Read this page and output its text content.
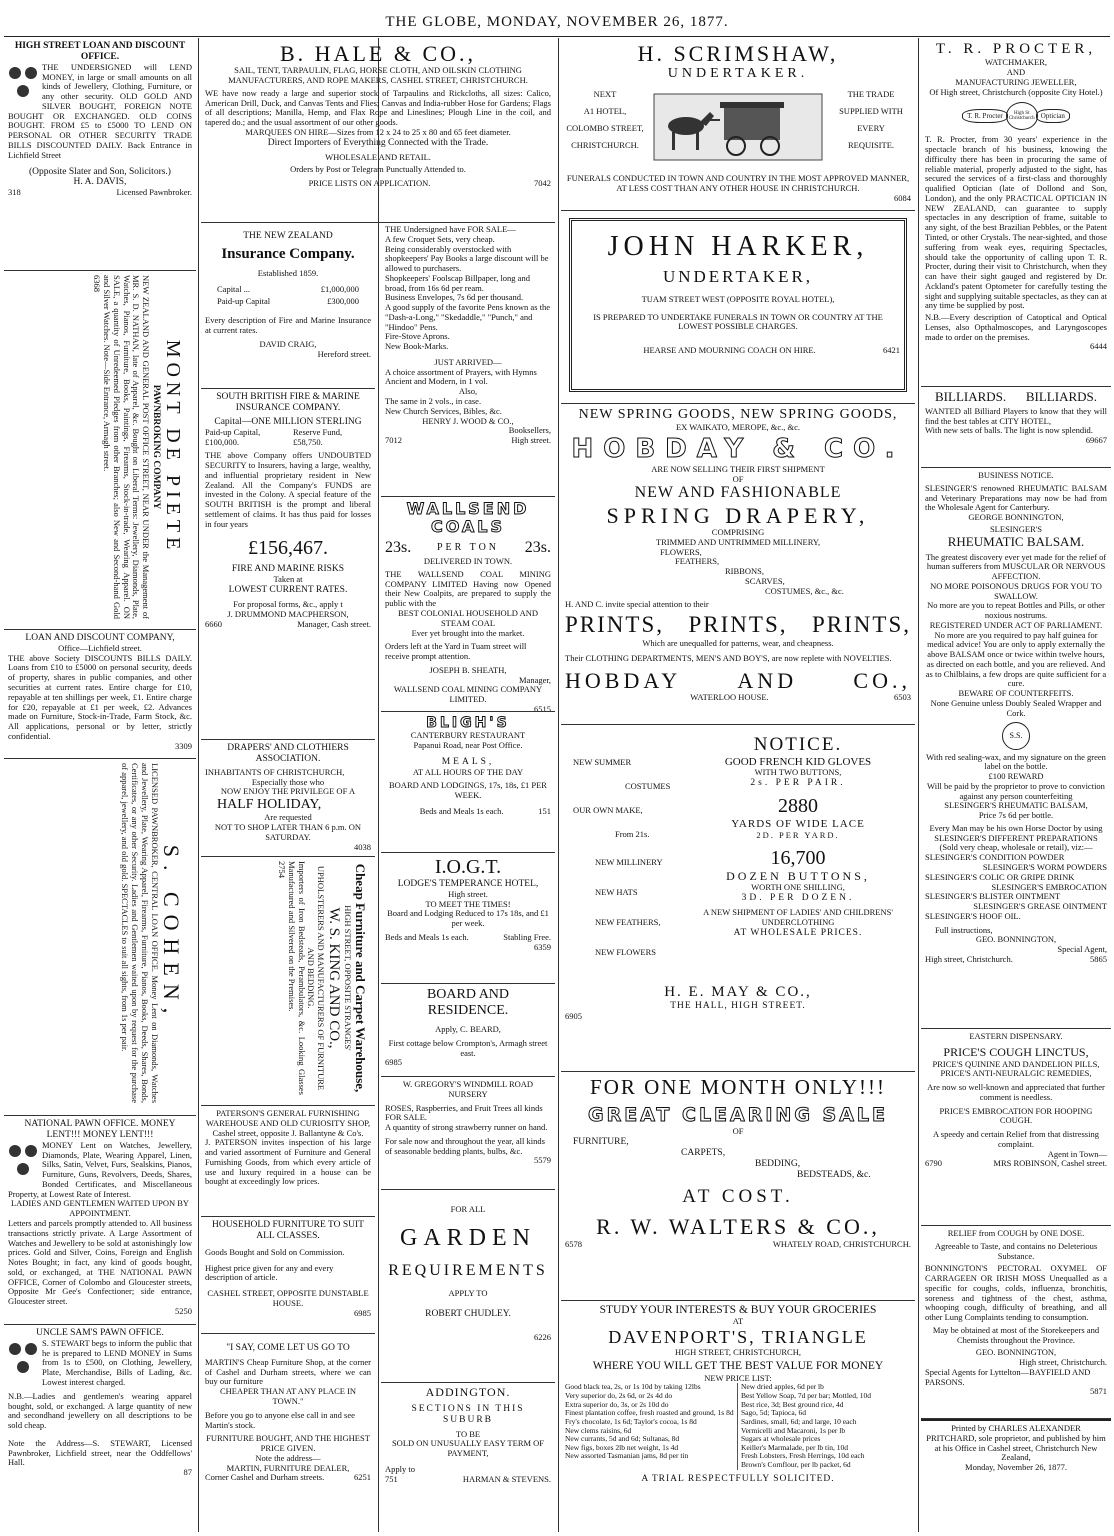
THE GLOBE, MONDAY, NOVEMBER 26, 1877.
HIGH STREET LOAN AND DISCOUNT OFFICE.
THE UNDERSIGNED will LEND MONEY, in large or small amounts on all kinds of Jewellery, Clothing, Furniture, or any other security. OLD GOLD AND SILVER BOUGHT, FOREIGN NOTE BOUGHT OR EXCHANGED. OLD COINS BOUGHT. FROM £5 to £5000 TO LEND ON PERSONAL OR OTHER SECURITY TRADE BILLS DISCOUNTED DAILY. Back Entrance in Lichfield Street
(Opposite Slater and Son, Solicitors.)
H. A. DAVIS,
318	Licensed Pawnbroker.
MONT DE PIETE
PAWNBROKING COMPANY
NEW ZEALAND AND GENERAL POST OFFICE STREET, NEAR UNDER the Management of MR. S. D. NATHAN, late of Apparel, &c. Bought on Liberal Terms: Jewellery, Diamonds, Plate, Watches, Pianos, Furniture, Books, Paintings, Firearms, Stock-in-trade, Wearing Apparel. ON SALE, a quantity of Unredeemed Pledges from other Branches; also New and Second-hand Gold and Silver Watches. Note—Side Entrance, Armagh street.
6368
LOAN AND DISCOUNT COMPANY,
Office—Lichfield street.
THE above Society DISCOUNTS BILLS DAILY. Loans from £10 to £5000 on personal security, deeds of property, shares in public companies, and other securities at current rates. Entire charge for £10, repayable at ten shillings per week, £1. Entire charge for £20, repayable at £1 per week, £2. Advances made on Furniture, Stock-in-Trade, Farm Stock, &c. All applications, personal or by letter, strictly confidential.
3309
S. COHEN,
LICENSED PAWNBROKER, CENTRAL LOAN OFFICE. Money Lent on Diamonds, Watches and Jewellery, Plate, Wearing Apparel, Firearms, Furniture, Pianos, Books, Deeds, Shares, Bonds, Certificates, or any other Security. Ladies and Gentlemen waited upon by request for the purchase of apparel, jewellery, and old gold. SPECTACLES to suit all sights, from 1s per pair.
NATIONAL PAWN OFFICE. MONEY LENT!!! MONEY LENT!!!
MONEY Lent on Watches, Jewellery, Diamonds, Plate, Wearing Apparel, Linen, Silks, Satin, Velvet, Furs, Sealskins, Pianos, Furniture, Guns, Revolvers, Deeds, Shares, Bonded Certificates, and Miscellaneous Property, at Lowest Rate of Interest.
LADIES AND GENTLEMEN WAITED UPON BY APPOINTMENT.
Letters and parcels promptly attended to. All business transactions strictly private. A Large Assortment of Watches and Jewellery to be sold at astonishingly low prices. Gold and Silver, Coins, Foreign and English Notes Bought; in fact, any kind of goods bought, sold, or exchanged, at THE NATIONAL PAWN OFFICE, Corner of Colombo and Gloucester streets, Opposite Mr Gee's Confectioner; side entrance, Gloucester street.
5250
UNCLE SAM'S PAWN OFFICE.
S. STEWART begs to inform the public that he is prepared to LEND MONEY in Sums from 1s to £500, on Clothing, Jewellery, Plate, Merchandise, Bills of Lading, &c. Lowest interest charged.
N.B.—Ladies and gentlemen's wearing apparel bought, sold, or exchanged. A large quantity of new and secondhand jewellery on all descriptions to be sold cheap.
Note the Address—S. STEWART, Licensed Pawnbroker, Lichfield street, near the Oddfellows' Hall.
87
B. HALE & CO.,
SAIL, TENT, TARPAULIN, FLAG, HORSE CLOTH, AND OILSKIN CLOTHING MANUFACTURERS, AND ROPE MAKERS, CASHEL STREET, CHRISTCHURCH.
WE have now ready a large and superior stock of Tarpaulins and Rickcloths, all sizes: Calico, American Drill, Duck, and Canvas Tents and Flies; Canvas and India-rubber Hose for Gardens; Flags of all descriptions; Manilla, Hemp, and Flax Rope and Lineslines; Plough Line in the coil, and tapered do.; and the usual assortment of our other goods.
MARQUEES ON HIRE—Sizes from 12 x 24 to 25 x 80 and 65 feet diameter.
Direct Importers of Everything Connected with the Trade.
WHOLESALE AND RETAIL.
Orders by Post or Telegram Punctually Attended to.
PRICE LISTS ON APPLICATION.	7042
THE NEW ZEALAND
Insurance Company.
Established 1859.
Capital ...	£1,000,000
Paid-up Capital	£300,000
Every description of Fire and Marine Insurance at current rates.
DAVID CRAIG,
Hereford street.
SOUTH BRITISH FIRE & MARINE INSURANCE COMPANY.
Capital—ONE MILLION STERLING
Paid-up Capital, £100,000.
Reserve Fund, £58,750.
THE above Company offers UNDOUBTED SECURITY to Insurers, having a large, wealthy, and influential proprietary resident in New Zealand. All the Company's FUNDS are invested in the Colony. A special feature of the SOUTH BRITISH is the prompt and liberal settlement of claims. It has thus paid for losses in four years
£156,467.
FIRE AND MARINE RISKS
Taken at
LOWEST CURRENT RATES.
For proposal forms, &c., apply t
J. DRUMMOND MACPHERSON,
6660	Manager, Cash street.
DRAPERS' AND CLOTHIERS ASSOCIATION.
INHABITANTS OF CHRISTCHURCH,
Especially those who
NOW ENJOY THE PRIVILEGE OF A
HALF HOLIDAY,
Are requested
NOT TO SHOP LATER THAN 6 p.m. ON SATURDAY.
4038
Cheap Furniture and Carpet Warehouse,
HIGH STREET, OPPOSITE STRANGES'
W. S. KING AND CO.,
UPHOLSTERERS AND MANUFACTURERS OF FURNITURE AND BEDDING.
Importers of Iron Bedsteads, Perambulators, &c. Looking Glasses Manufactured and Silvered on the Premises.
2754
PATERSON'S GENERAL FURNISHING WAREHOUSE AND OLD CURIOSITY SHOP,
Cashel street, opposite J. Ballantyne & Co's.
J. PATERSON invites inspection of his large and varied assortment of Furniture and General Furnishing Goods, from which every article of use and luxury required in a house can be bought at exceedingly low prices.
HOUSEHOLD FURNITURE TO SUIT ALL CLASSES.
Goods Bought and Sold on Commission.
Highest price given for any and every description of article.
CASHEL STREET, OPPOSITE DUNSTABLE HOUSE.
6985
"I SAY, COME LET US GO TO
MARTIN'S Cheap Furniture Shop, at the corner of Cashel and Durham streets, where we can buy our furniture
CHEAPER THAN AT ANY PLACE IN TOWN."
Before you go to anyone else call in and see Martin's stock.
FURNITURE BOUGHT, AND THE HIGHEST PRICE GIVEN.
Note the address—
MARTIN, FURNITURE DEALER,
Corner Cashel and Durham streets.	6251
THE Undersigned have FOR SALE—
A few Croquet Sets, very cheap.
Being considerably overstocked with shopkeepers' Pay Books a large discount will be allowed to purchasers.
Shopkeepers' Foolscap Billpaper, long and broad, from 16s 6d per ream.
Business Envelopes, 7s 6d per thousand.
A good supply of the favorite Pens known as the "Dash-a-Long," "Skedaddle," "Punch," and "Hindoo" Pens.
Fire-Stove Aprons.
New Book-Marks.
JUST ARRIVED—
A choice assortment of Prayers, with Hymns Ancient and Modern, in 1 vol.
Also,
The same in 2 vols., in case.
New Church Services, Bibles, &c.
HENRY J. WOOD & CO.,
Booksellers,
7012	High street.
WALLSEND COALS
23s.	PER TON 23s.
DELIVERED IN TOWN.
THE WALLSEND COAL MINING COMPANY LIMITED Having now Opened their New Coalpits, are prepared to supply the public with the
BEST COLONIAL HOUSEHOLD AND STEAM COAL
Ever yet brought into the market.
Orders left at the Yard in Tuam street will receive prompt attention.
JOSEPH B. SHEATH,
Manager,
WALLSEND COAL MINING COMPANY LIMITED.
6515
BLIGH'S
CANTERBURY RESTAURANT
Papanui Road, near Post Office.
MEALS,
AT ALL HOURS OF THE DAY
BOARD AND LODGINGS, 17s, 18s, £1 PER WEEK.
Beds and Meals 1s each.	151
I.O.G.T.
LODGE'S TEMPERANCE HOTEL,
High street.
TO MEET THE TIMES!
Board and Lodging Reduced to 17s 18s, and £1 per week.
Beds and Meals 1s each.	Stabling Free.
6359
BOARD AND RESIDENCE.
Apply, C. BEARD,
First cottage below Crompton's, Armagh street east.
6985
W. GREGORY'S WINDMILL ROAD NURSERY
ROSES, Raspberries, and Fruit Trees all kinds FOR SALE.
A quantity of strong strawberry runner on hand.
For sale now and throughout the year, all kinds of seasonable bedding plants, bulbs, &c.
5579
FOR ALL
GARDEN
REQUIREMENTS
APPLY TO
ROBERT CHUDLEY.
6226
ADDINGTON.
SECTIONS IN THIS SUBURB
TO BE
SOLD ON UNUSUALLY EASY TERM OF PAYMENT,
Apply to
751	HARMAN & STEVENS.
H. SCRIMSHAW,
UNDERTAKER.
NEXT
A1 HOTEL,
COLOMBO STREET,
CHRISTCHURCH.
THE TRADE
SUPPLIED WITH
EVERY
REQUISITE.
FUNERALS CONDUCTED IN TOWN AND COUNTRY IN THE MOST APPROVED MANNER, AT LESS COST THAN ANY OTHER HOUSE IN CHRISTCHURCH.
6084
JOHN HARKER,
UNDERTAKER,
TUAM STREET WEST (OPPOSITE ROYAL HOTEL),
IS PREPARED TO UNDERTAKE FUNERALS IN TOWN OR COUNTRY AT THE LOWEST POSSIBLE CHARGES.
HEARSE AND MOURNING COACH ON HIRE.	6421
NEW SPRING GOODS, NEW SPRING GOODS,
EX WAIKATO, MEROPE, &c., &c.
HOBDAY & CO.
ARE NOW SELLING THEIR FIRST SHIPMENT
OF
NEW AND FASHIONABLE
SPRING DRAPERY,
COMPRISING
TRIMMED AND UNTRIMMED MILLINERY,
FLOWERS,
FEATHERS,
RIBBONS,
SCARVES,
COSTUMES, &c., &c.
H. AND C. invite special attention to their
PRINTS, PRINTS, PRINTS,
Which are unequalled for patterns, wear, and cheapness.
Their CLOTHING DEPARTMENTS, MEN'S AND BOY'S, are now replete with NOVELTIES.
HOBDAY	AND	CO.,
WATERLOO HOUSE.	6503
NEW SUMMER
COSTUMES
OUR OWN MAKE,
From 21s.
NEW MILLINERY
NEW HATS
NEW FEATHERS,
NEW FLOWERS
NOTICE.
GOOD FRENCH KID GLOVES
WITH TWO BUTTONS,
2s. PER PAIR.
2880
YARDS OF WIDE LACE
2D. PER YARD.
16,700
DOZEN BUTTONS,
WORTH ONE SHILLING,
3D. PER DOZEN.
A NEW SHIPMENT OF LADIES' AND CHILDRENS' UNDERCLOTHING
AT WHOLESALE PRICES.
H. E. MAY & CO.,
THE HALL, HIGH STREET.
6905
FOR ONE MONTH ONLY!!!
GREAT CLEARING SALE
OF
FURNITURE,
CARPETS,
BEDDING,
BEDSTEADS, &c.
AT COST.
R. W. WALTERS & CO.,
6578	WHATELY ROAD, CHRISTCHURCH.
STUDY YOUR INTERESTS & BUY YOUR GROCERIES
AT
DAVENPORT'S, TRIANGLE
HIGH STREET, CHRISTCHURCH,
WHERE YOU WILL GET THE BEST VALUE FOR MONEY
NEW PRICE LIST:
Good black tea, 2s, or 1s 10d by taking 12lbs
Very superior do, 2s 6d, or 2s 4d do
Extra superior do, 3s, or 2s 10d do
Finest plantation coffee, fresh roasted and ground, 1s 8d
Fry's chocolate, 1s 6d; Taylor's cocoa, 1s 8d
New clems raisins, 6d
New currants, 5d and 6d; Sultanas, 8d
New figs, boxes 2lb net weight, 1s 4d
New assorted Tasmanian jams, 8d per tin
New dried apples, 6d per lb
Best Yellow Soap, 7d per bar; Mottled, 10d
Best rice, 3d; Best ground rice, 4d
Sago, 5d; Tapioca, 6d
Sardines, small, 6d; and large, 10 each
Vermicelli and Macaroni, 1s per lb
Sugars at wholesale prices
Keiller's Marmalade, per lb tin, 10d
Fresh Lobsters, Fresh Herrings, 10d each
Brown's Cornflour, per lb packet, 6d
A TRIAL RESPECTFULLY SOLICITED.
T. R. PROCTER,
WATCHMAKER,
AND
MANUFACTURING JEWELLER,
Of High street, Christchurch (opposite City Hotel.)
T. R. Procter	High St Christchurch Optician
T. R. Procter, from 30 years' experience in the spectacle branch of his business, knowing the difficulty there has been in procuring the same of reliable material, properly adjusted to the sight, has secured the services of a first-class and thoroughly qualified Optician (late of Dollond and Son, London), and the only PRACTICAL OPTICIAN IN NEW ZEALAND, can guarantee to supply spectacles in any description of frame, suitable to any sight, of the best Brazilian Pebbles, or the Patent Tinted, or other Crystals. The near-sighted, and those suffering from weak eyes, requiring Spectacles, should take the opportunity of calling upon T. R. Procter, during their visit to Christchurch, when they can have their sight gauged and registered by Dr. Ackland's patent Optometer for carefully testing the sight and supplying suitable spectacles, as they can at any time be supplied by post.
N.B.—Every description of Catoptical and Optical Lenses, also Opthalmoscopes, and Laryngoscopes made to order on the premises.
6444
BILLIARDS. BILLIARDS.
WANTED all Billiard Players to know that they will find the best tables at CITY HOTEL,
With new sets of balls. The light is now splendid.
69667
BUSINESS NOTICE.
SLESINGER'S renowned RHEUMATIC BALSAM and Veterinary Preparations may now be had from the Wholesale Agent for Canterbury.
GEORGE BONNINGTON,
SLESINGER'S
RHEUMATIC BALSAM.
The greatest discovery ever yet made for the relief of human sufferers from MUSCULAR OR NERVOUS AFFECTION.
NO MORE POISONOUS DRUGS FOR YOU TO SWALLOW.
No more are you to repeat Bottles and Pills, or other noxious nostrums.
REGISTERED UNDER ACT OF PARLIAMENT.
No more are you required to pay half guinea for medical advice! You are only to apply externally the above BALSAM once or twice within twelve hours, as directed on each bottle, and you are relieved. And as to Chilblains, a few drops are quite sufficient for a cure.
BEWARE OF COUNTERFEITS.
None Genuine unless Doubly Sealed Wrapper and Cork.
S.S.
With red sealing-wax, and my signature on the green label on the bottle.
£100 REWARD
Will be paid by the proprietor to prove to conviction against any person counterfeiting
SLESINGER'S RHEUMATIC BALSAM,
Price 7s 6d per bottle.
Every Man may be his own Horse Doctor by using
SLESINGER'S DIFFERENT PREPARATIONS (Sold very cheap, wholesale or retail), viz:—
SLESINGER'S CONDITION POWDER
SLESINGER'S WORM POWDERS
SLESINGER'S COLIC OR GRIPE DRINK
SLESINGER'S EMBROCATION
SLESINGER'S BLISTER OINTMENT
SLESINGER'S GREASE OINTMENT
SLESINGER'S HOOF OIL.
Full instructions,
GEO. BONNINGTON,
Special Agent,
High street, Christchurch.	5865
EASTERN DISPENSARY.
PRICE'S COUGH LINCTUS,
PRICE'S QUININE AND DANDELION PILLS,
PRICE'S ANTI-NEURALGIC REMEDIES,
Are now so well-known and appreciated that further comment is needless.
PRICE'S EMBROCATION FOR HOOPING COUGH.
A speedy and certain Relief from that distressing complaint.
Agent in Town—
6790	MRS ROBINSON, Cashel street.
RELIEF from COUGH by ONE DOSE.
Agreeable to Taste, and contains no Deleterious Substance.
BONNINGTON'S PECTORAL OXYMEL OF CARRAGEEN OR IRISH MOSS Unequalled as a specific for coughs, colds, influenza, bronchitis, soreness and tightness of the chest, asthma, whooping cough, difficulty of breathing, and all other Lung Complaints tending to consumption.
May be obtained at most of the Storekeepers and Chemists throughout the Province.
GEO. BONNINGTON,
High street, Christchurch.
Special Agents for Lyttelton—BAYFIELD AND PARSONS.
5871
Printed by CHARLES ALEXANDER PRITCHARD, sole proprietor, and published by him at his Office in Cashel street, Christchurch New Zealand,
Monday, November 26, 1877.
